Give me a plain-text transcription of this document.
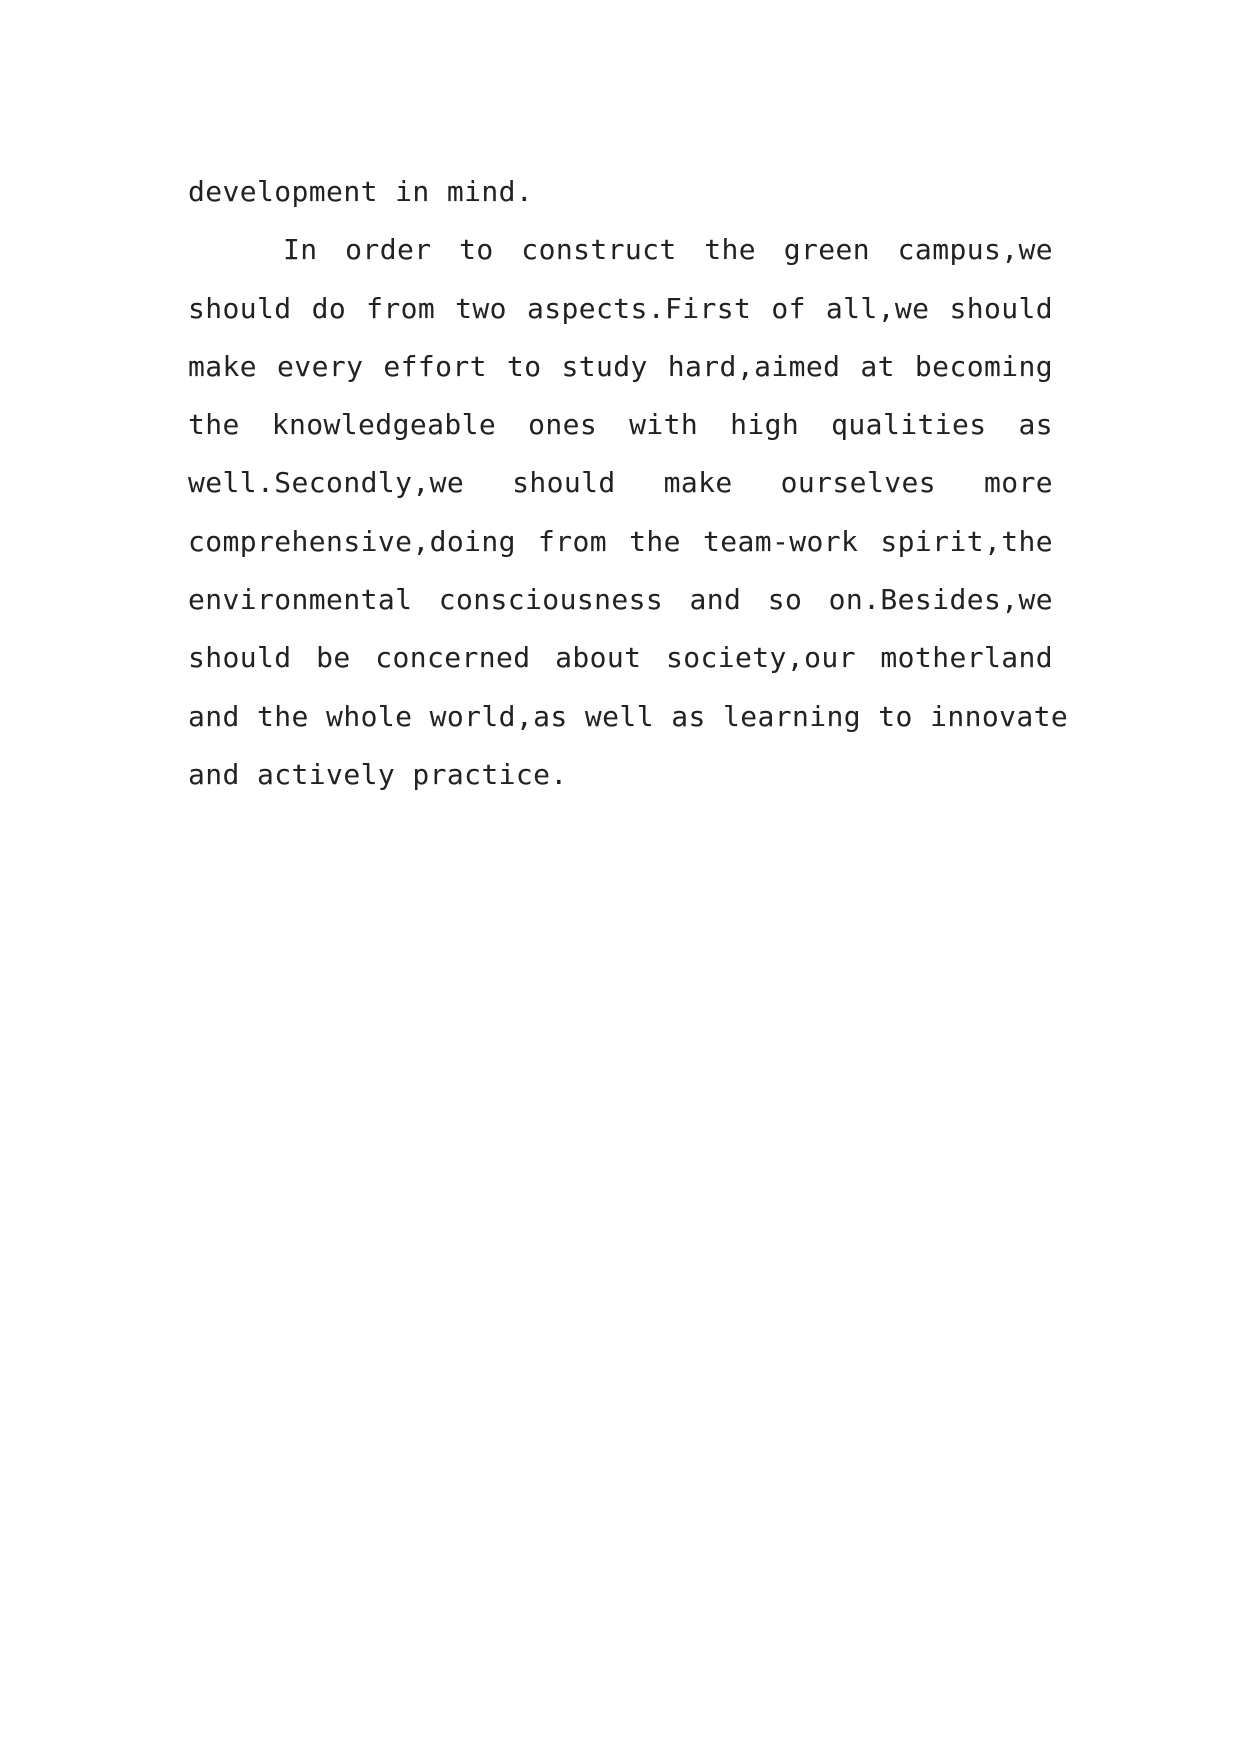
development in mind.
In order to construct the green campus,we
should do from two aspects.First of all,we should
make every effort to study hard,aimed at becoming
the knowledgeable ones with high qualities as
well.Secondly,we should make ourselves more
comprehensive,doing from the team-work spirit,the
environmental consciousness and so on.Besides,we
should be concerned about society,our motherland
and the whole world,as well as learning to innovate
and actively practice.
